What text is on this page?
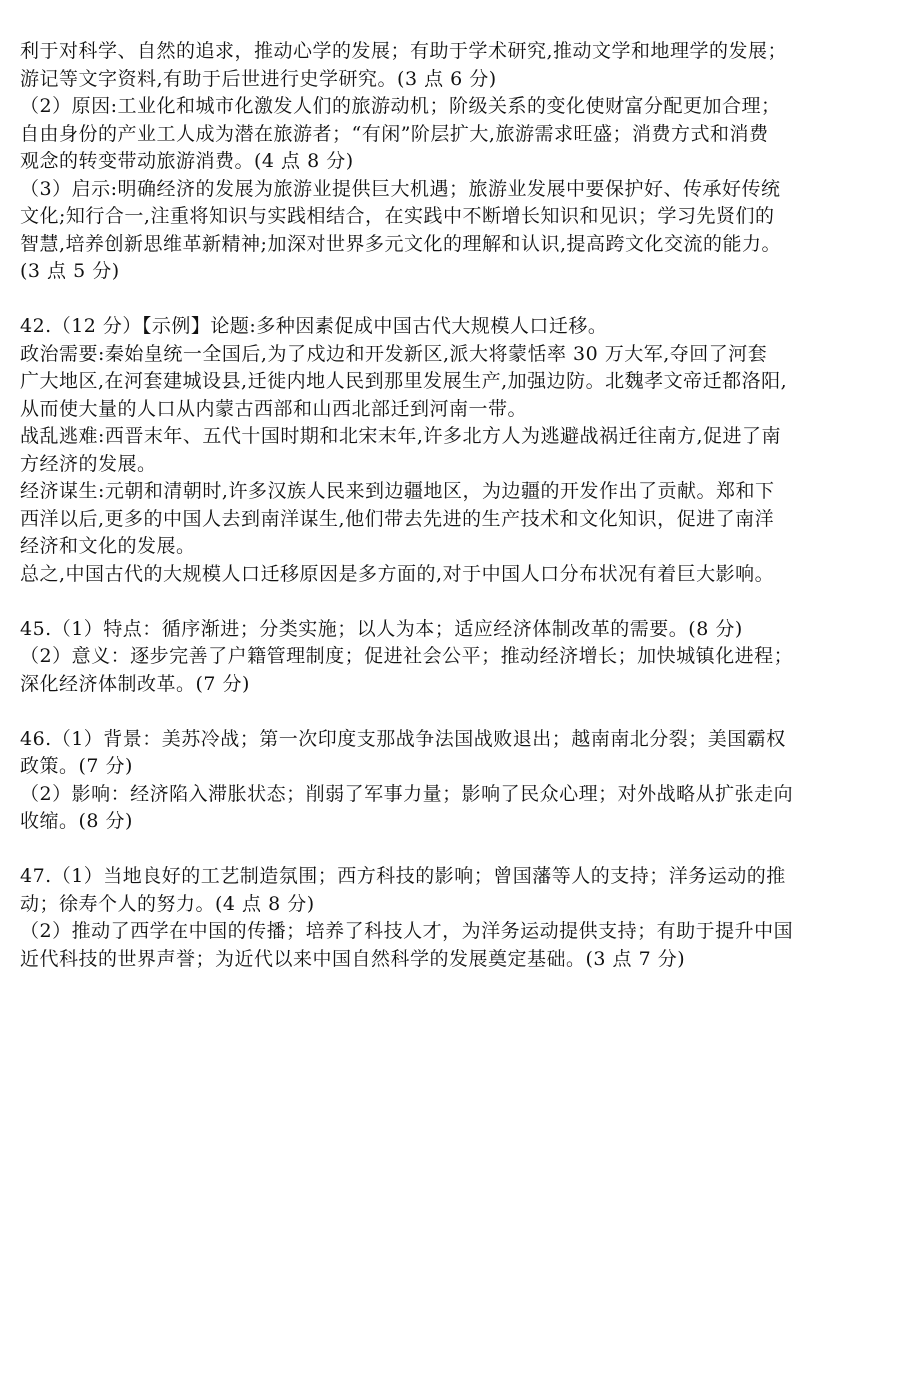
利于对科学、自然的追求，推动心学的发展；有助于学术研究,推动文学和地理学的发展；
游记等文字资料,有助于后世进行史学研究。(3 点 6 分)
（2）原因:工业化和城市化激发人们的旅游动机；阶级关系的变化使财富分配更加合理；
自由身份的产业工人成为潜在旅游者；“有闲”阶层扩大,旅游需求旺盛；消费方式和消费
观念的转变带动旅游消费。(4 点 8 分)
（3）启示:明确经济的发展为旅游业提供巨大机遇；旅游业发展中要保护好、传承好传统
文化;知行合一,注重将知识与实践相结合，在实践中不断增长知识和见识；学习先贤们的
智慧,培养创新思维革新精神;加深对世界多元文化的理解和认识,提高跨文化交流的能力。
(3 点 5 分)
42.（12 分）【示例】论题:多种因素促成中国古代大规模人口迁移。
政治需要:秦始皇统一全国后,为了戍边和开发新区,派大将蒙恬率 30 万大军,夺回了河套
广大地区,在河套建城设县,迁徙内地人民到那里发展生产,加强边防。北魏孝文帝迁都洛阳,
从而使大量的人口从内蒙古西部和山西北部迁到河南一带。
战乱逃难:西晋末年、五代十国时期和北宋末年,许多北方人为逃避战祸迁往南方,促进了南
方经济的发展。
经济谋生:元朝和清朝时,许多汉族人民来到边疆地区，为边疆的开发作出了贡献。郑和下
西洋以后,更多的中国人去到南洋谋生,他们带去先进的生产技术和文化知识，促进了南洋
经济和文化的发展。
总之,中国古代的大规模人口迁移原因是多方面的,对于中国人口分布状况有着巨大影响。
45.（1）特点：循序渐进；分类实施；以人为本；适应经济体制改革的需要。(8 分)
（2）意义：逐步完善了户籍管理制度；促进社会公平；推动经济增长；加快城镇化进程；
深化经济体制改革。(7 分)
46.（1）背景：美苏冷战；第一次印度支那战争法国战败退出；越南南北分裂；美国霸权
政策。(7 分)
（2）影响：经济陷入滞胀状态；削弱了军事力量；影响了民众心理；对外战略从扩张走向
收缩。(8 分)
47.（1）当地良好的工艺制造氛围；西方科技的影响；曾国藩等人的支持；洋务运动的推
动；徐寿个人的努力。(4 点 8 分)
（2）推动了西学在中国的传播；培养了科技人才，为洋务运动提供支持；有助于提升中国
近代科技的世界声誉；为近代以来中国自然科学的发展奠定基础。(3 点 7 分)
